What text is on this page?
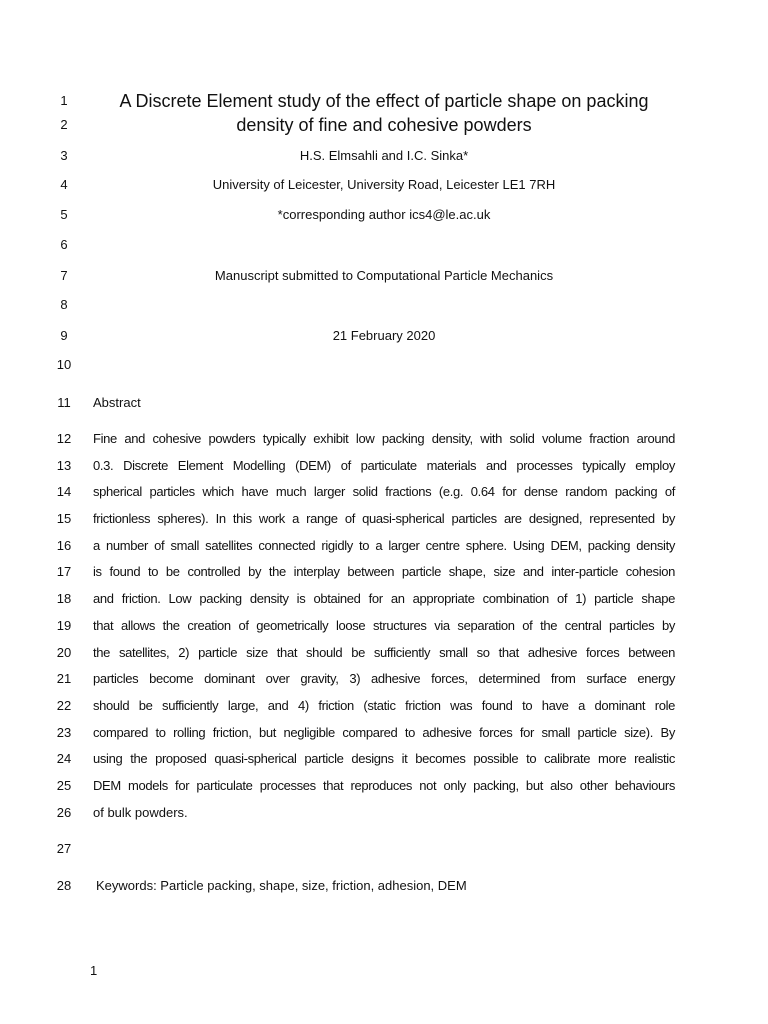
1
2
3
4
5
6
7
8
9
10
11
12
13
14
15
16
17
18
19
20
21
22
23
24
25
26
27
28
A Discrete Element study of the effect of particle shape on packing
density of fine and cohesive powders
H.S. Elmsahli and I.C. Sinka*
University of Leicester, University Road, Leicester LE1 7RH
*corresponding author ics4@le.ac.uk
Manuscript submitted to Computational Particle Mechanics
21 February 2020
Abstract
Fine and cohesive powders typically exhibit low packing density, with solid volume fraction around
0.3. Discrete Element Modelling (DEM) of particulate materials and processes typically employ
spherical particles which have much larger solid fractions (e.g. 0.64 for dense random packing of
frictionless spheres). In this work a range of quasi-spherical particles are designed, represented by
a number of small satellites connected rigidly to a larger centre sphere. Using DEM, packing density
is found to be controlled by the interplay between particle shape, size and inter-particle cohesion
and friction. Low packing density is obtained for an appropriate combination of 1) particle shape
that allows the creation of geometrically loose structures via separation of the central particles by
the satellites, 2) particle size that should be sufficiently small so that adhesive forces between
particles become dominant over gravity, 3) adhesive forces, determined from surface energy
should be sufficiently large, and 4) friction (static friction was found to have a dominant role
compared to rolling friction, but negligible compared to adhesive forces for small particle size). By
using the proposed quasi-spherical particle designs it becomes possible to calibrate more realistic
DEM models for particulate processes that reproduces not only packing, but also other behaviours
of bulk powders.
Keywords: Particle packing, shape, size, friction, adhesion, DEM
1
